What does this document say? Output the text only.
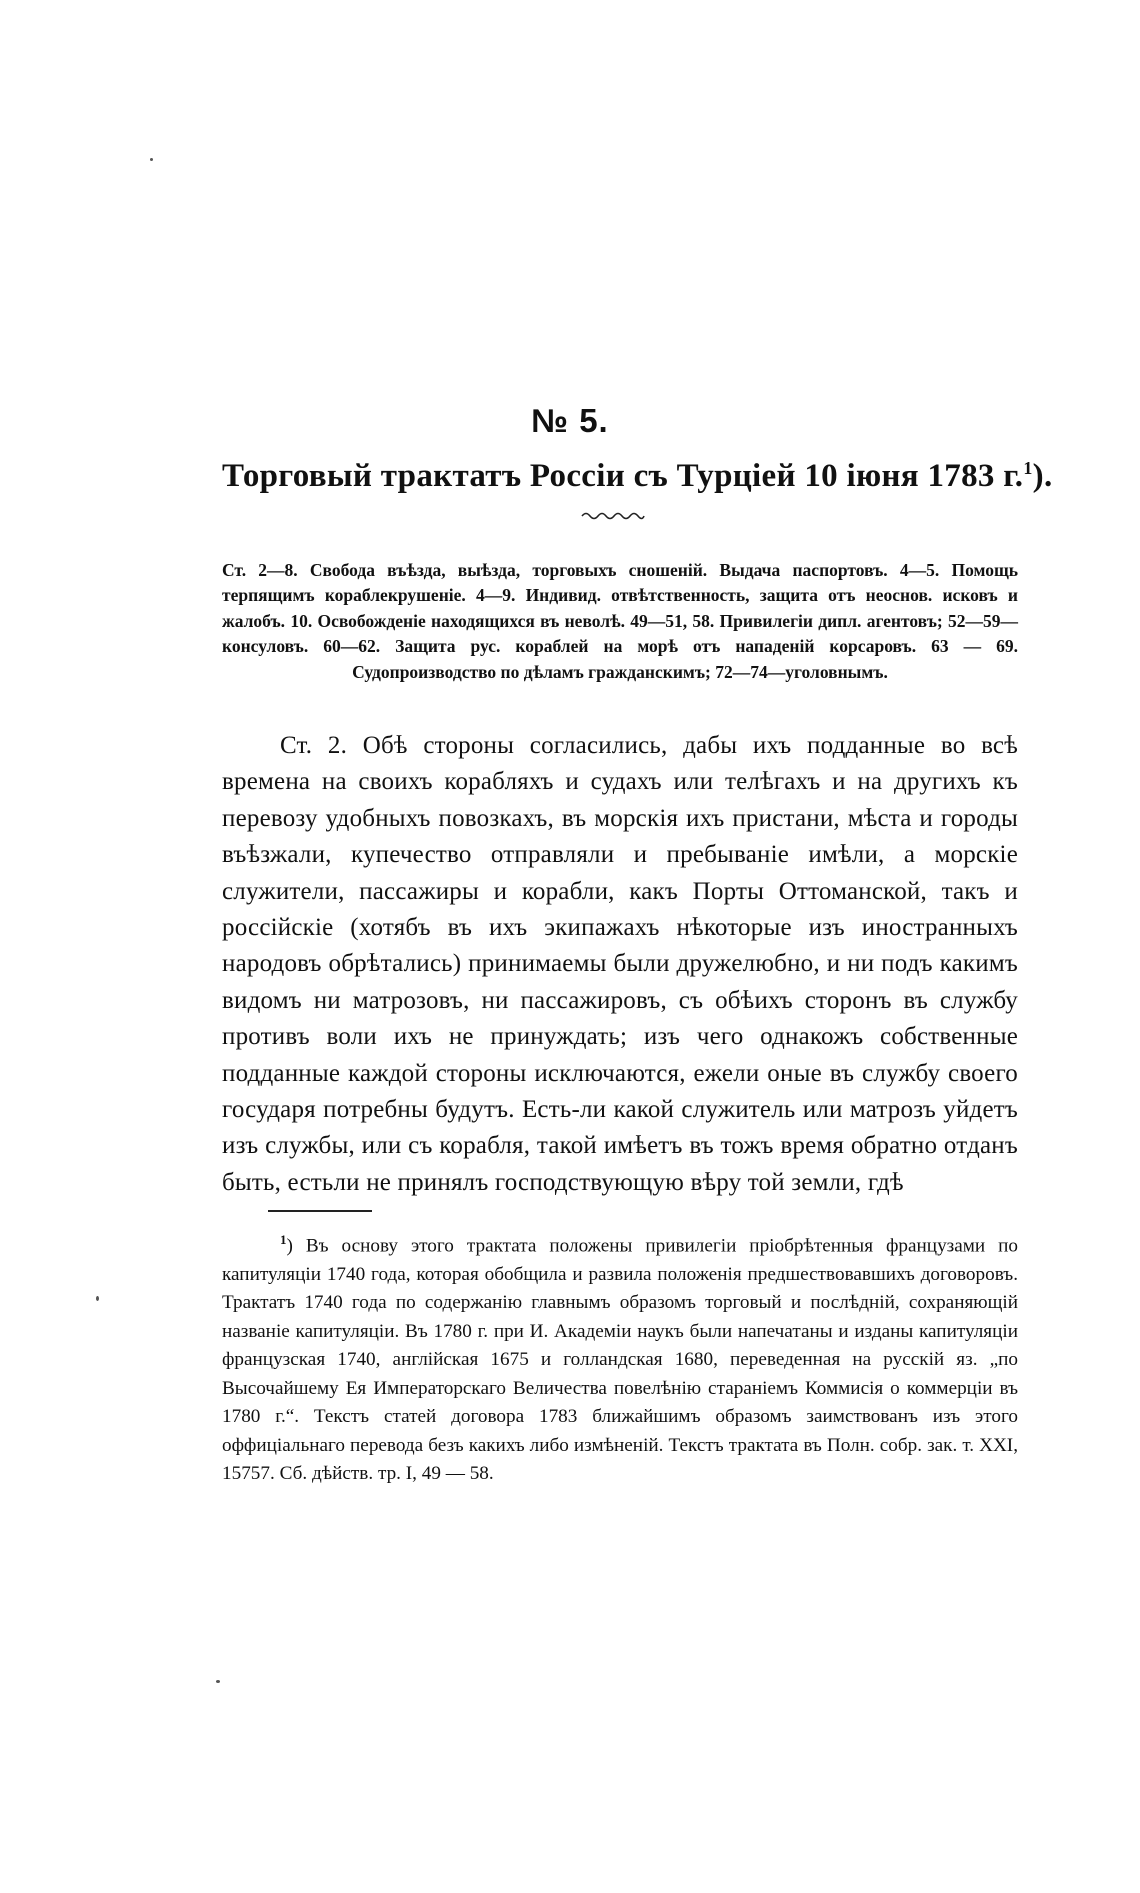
№ 5.
Торговый трактатъ Россіи съ Турціей 10 іюня 1783 г.$^1$).
Ст. 2—8. Свобода въѣзда, выѣзда, торговыхъ сношеній. Выдача паспортовъ. 4—5. Помощь терпящимъ кораблекрушеніе. 4—9. Индивид. отвѣтственность, защита отъ неоснов. исковъ и жалобъ. 10. Освобожденіе находящихся въ неволѣ. 49—51, 58. Привилегіи дипл. агентовъ; 52—59—консуловъ. 60—62. Защита рус. кораблей на морѣ отъ нападеній корсаровъ. 63 — 69. Судопроизводство по дѣламъ гражданскимъ; 72—74—уголовнымъ.
Ст. 2. Обѣ стороны согласились, дабы ихъ подданные во всѣ времена на своихъ корабляхъ и судахъ или телѣгахъ и на другихъ къ перевозу удобныхъ повозкахъ, въ морскія ихъ пристани, мѣста и городы въѣзжали, купечество отправляли и пребываніе имѣли, а морскіе служители, пассажиры и корабли, какъ Порты Оттоманской, такъ и россійскіе (хотябъ въ ихъ экипажахъ нѣкоторые изъ иностранныхъ народовъ обрѣтались) принимаемы были дружелюбно, и ни подъ какимъ видомъ ни матрозовъ, ни пассажировъ, съ обѣихъ сторонъ въ службу противъ воли ихъ не принуждать; изъ чего однакожъ собственные подданные каждой стороны исключаются, ежели оные въ службу своего государя потребны будутъ. Есть-ли какой служитель или матрозъ уйдетъ изъ службы, или съ корабля, такой имѣетъ въ тожъ время обратно отданъ быть, естьли не принялъ господствующую вѣру той земли, гдѣ
$^1$) Въ основу этого трактата положены привилегіи пріобрѣтенныя французами по капитуляціи 1740 года, которая обобщила и развила положенія предшествовавшихъ договоровъ. Трактатъ 1740 года по содержанію главнымъ образомъ торговый и послѣдній, сохраняющій названіе капитуляціи. Въ 1780 г. при И. Академіи наукъ были напечатаны и изданы капитуляціи французская 1740, англійская 1675 и голландская 1680, переведенная на русскій яз. „по Высочайшему Ея Императорскаго Величества повелѣнію стараніемъ Коммисія о коммерціи въ 1780 г.“. Текстъ статей договора 1783 ближайшимъ образомъ заимствованъ изъ этого оффиціальнаго перевода безъ какихъ либо измѣненій. Текстъ трактата въ Полн. собр. зак. т. XXI, 15757. Сб. дѣйств. тр. I, 49 — 58.
